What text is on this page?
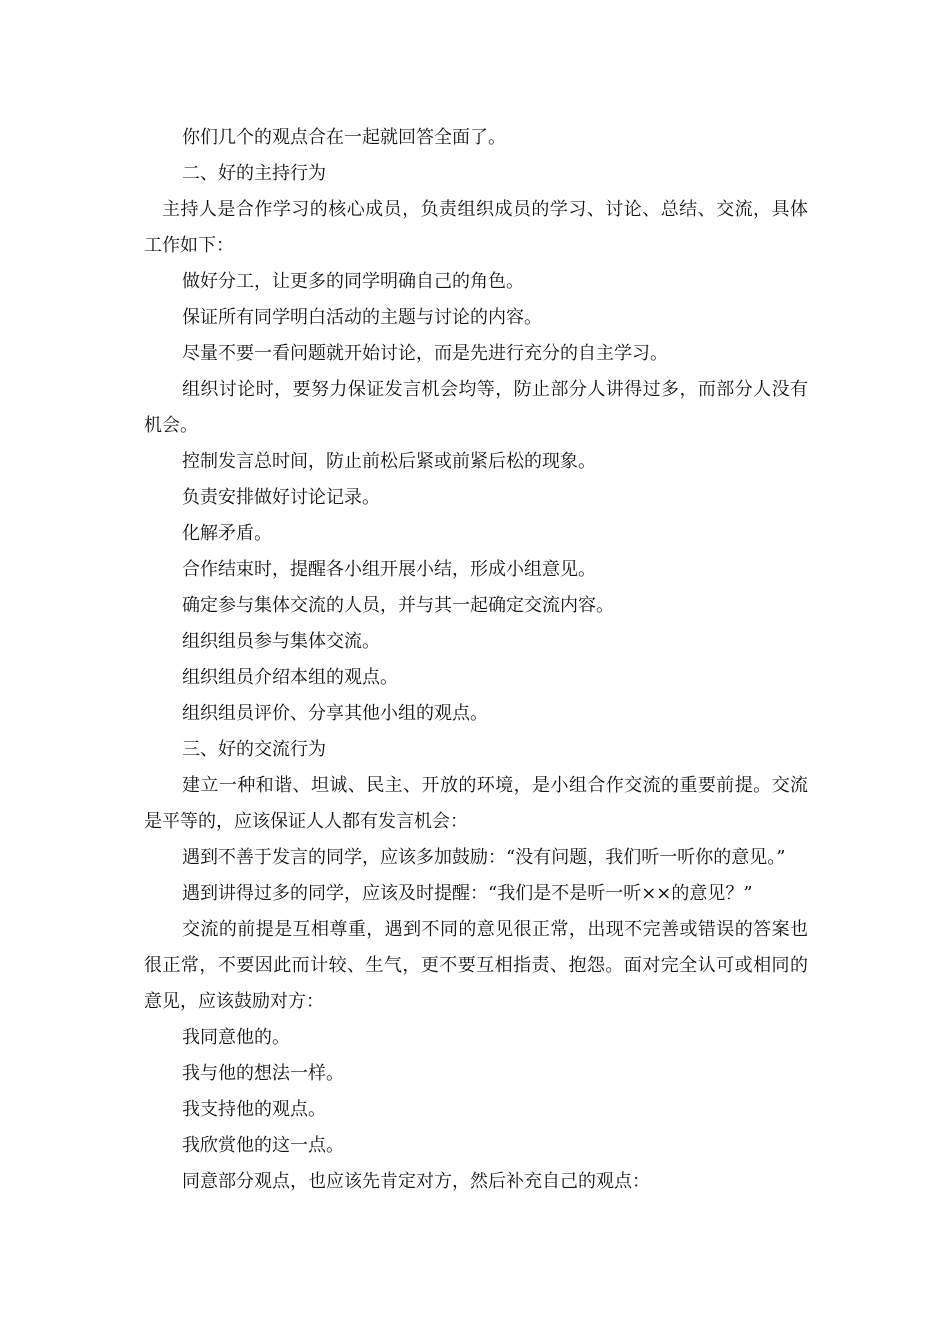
你们几个的观点合在一起就回答全面了。

二、好的主持行为

主持人是合作学习的核心成员，负责组织成员的学习、讨论、总结、交流，具体工作如下：

做好分工，让更多的同学明确自己的角色。

保证所有同学明白活动的主题与讨论的内容。

尽量不要一看问题就开始讨论，而是先进行充分的自主学习。

组织讨论时，要努力保证发言机会均等，防止部分人讲得过多，而部分人没有机会。

控制发言总时间，防止前松后紧或前紧后松的现象。

负责安排做好讨论记录。

化解矛盾。

合作结束时，提醒各小组开展小结，形成小组意见。

确定参与集体交流的人员，并与其一起确定交流内容。

组织组员参与集体交流。

组织组员介绍本组的观点。

组织组员评价、分享其他小组的观点。

三、好的交流行为

建立一种和谐、坦诚、民主、开放的环境，是小组合作交流的重要前提。交流是平等的，应该保证人人都有发言机会：

遇到不善于发言的同学，应该多加鼓励：“没有问题，我们听一听你的意见。”

遇到讲得过多的同学，应该及时提醒：“我们是不是听一听××的意见？”

交流的前提是互相尊重，遇到不同的意见很正常，出现不完善或错误的答案也很正常，不要因此而计较、生气，更不要互相指责、抱怨。面对完全认可或相同的意见，应该鼓励对方：

我同意他的。

我与他的想法一样。

我支持他的观点。

我欣赏他的这一点。

同意部分观点，也应该先肯定对方，然后补充自己的观点：
